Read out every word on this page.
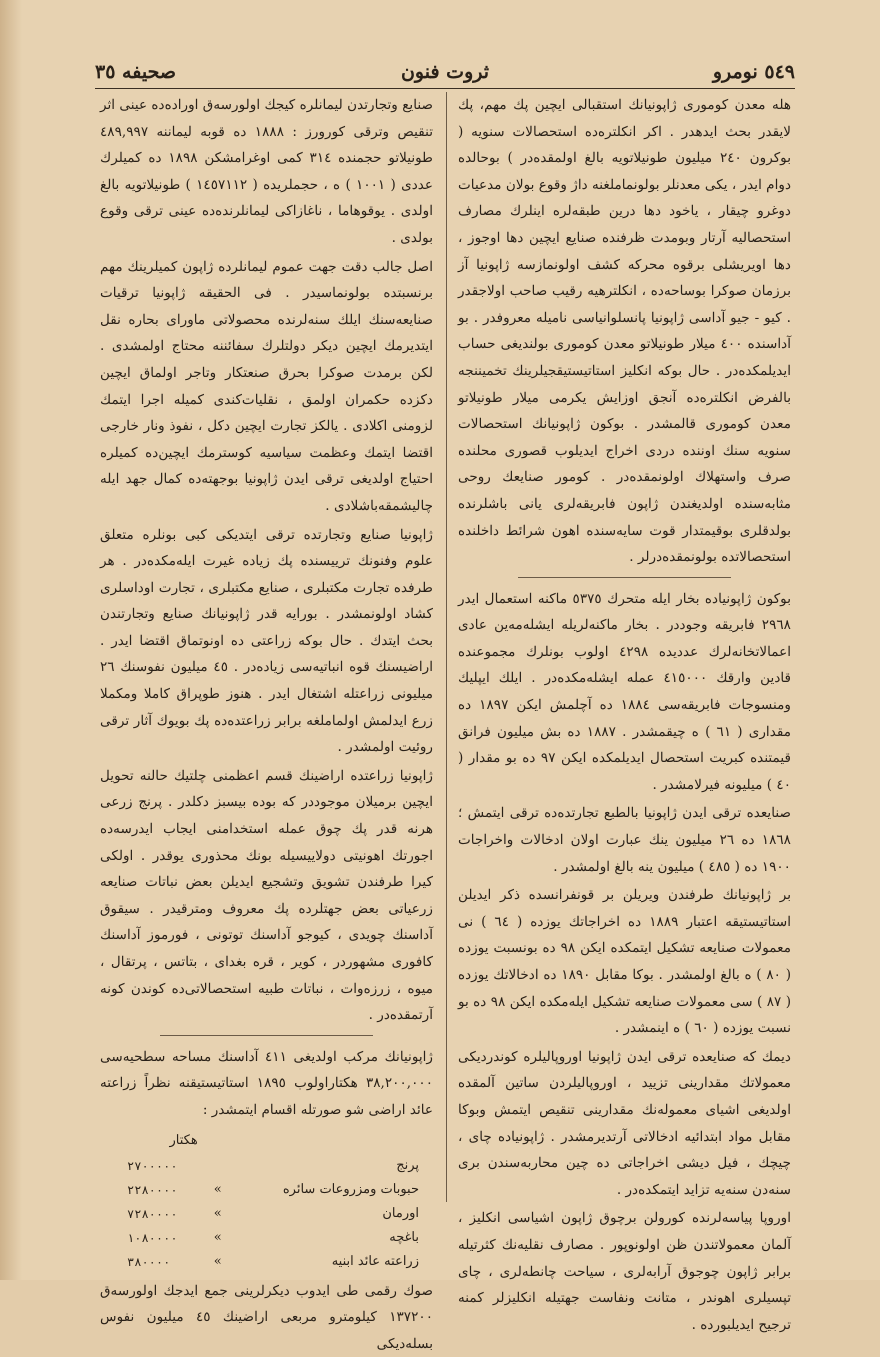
٥٤٩ نومرو
ثروت فنون
صحيفه ٣٥

هله معدن كومورى ژاپونيانك استقبالى ايچين پك مهم، پك لايقدر بحث ايدهدر . اكر انكلتره‌ده استحصالات سنويه ( بوكرون ٢٤٠ ميليون طونيلاتويه بالغ اولمقده‌در ) بوحالده دوام ايدر ، يكى معدنلر بولونماملغنه داژ وقوع بولان مدعيات دوغرو چيقار ، ياخود دها درين طبقه‌لره اينلرك مصارف استحصاليه آرتار وبومدت ظرفنده صنايع ايچين دها اوجوز ، دها اويريشلى برقوه محركه كشف اولونمازسه ژاپونيا آز برزمان صوكرا بوساحه‌ده ، انكلترهيه رقيب صاحب اولاجقدر . كيو - جيو آداسى ژاپونيا پانسلوانياسى ناميله معروفدر . بو آداسنده ٤٠٠ ميلار طونيلاتو معدن كومورى بولنديغى حساب ايديلمكده‌در . حال بوكه انكليز استاتيستيقجيلرينك تخميننجه بالفرض انكلتره‌ده آنجق اوزايش يكرمى ميلار طونيلاتو معدن كومورى قالمشدر . بوكون ژاپونيانك استحصالات سنويه سنك اوننده دردى اخراج ايديلوب قصورى محلنده صرف واستهلاك اولونمقده‌در . كومور صنايعك روحى مثابه‌سنده اولديغندن ژاپون فابريقه‌لرى يانى باشلرنده بولدقلرى بوقيمتدار قوت سايه‌سنده اهون شرائط داخلنده استحصالاتده بولونمقده‌درلر .

بوكون ژاپونياده بخار ايله متحرك ٥٣٧٥ ماكنه استعمال ايدر ٢٩٦٨ فابريقه وجوددر . بخار ماكنه‌لريله ايشله‌مه‌ين عادى اعمالاتخانه‌لرك عدديده ٤٢٩٨ اولوب بونلرك مجموعنده قادين وارقك ٤١٥٠٠٠ عمله ايشله‌مكده‌در . ايلك ايپليك ومنسوجات فابريقه‌سى ١٨٨٤ ده آچلمش ايكن ١٨٩٧ ده مقدارى ( ٦١ ) ه چيقمشدر . ١٨٨٧ ده بش ميليون فرانق قيمتنده كبريت استحصال ايديلمكده ايكن ٩٧ ده بو مقدار ( ٤٠ ) ميليونه فيرلامشدر .

صنايعده ترقى ايدن ژاپونيا بالطبع تجارتده‌ده ترقى ايتمش ؛ ١٨٦٨ ده ٢٦ ميليون ينك عبارت اولان ادخالات واخراجات ١٩٠٠ ده ( ٤٨٥ ) ميليون ينه بالغ اولمشدر .

بر ژاپونيانك طرفندن ويريلن بر قونفرانسده ذكر ايديلن استاتيستيقه اعتبار ١٨٨٩ ده اخراجاتك يوزده ( ٦٤ ) نى معمولات صنايعه تشكيل ايتمكده ايكن ٩٨ ده بونسبت يوزده ( ٨٠ ) ه بالغ اولمشدر . بوكا مقابل ١٨٩٠ ده ادخالاتك يوزده ( ٨٧ ) سى معمولات صنايعه تشكيل ايله‌مكده ايكن ٩٨ ده بو نسبت يوزده ( ٦٠ ) ه اينمشدر .

ديمك كه صنايعده ترقى ايدن ژاپونيا اوروپاليلره كوندرديكى معمولاتك مقدارينى تزييد ، اوروپاليلردن ساتين آلمقده اولديغى اشياى معموله‌نك مقدارينى تنقيص ايتمش وبوكا مقابل مواد ابتدائيه ادخالاتى آرتديرمشدر . ژاپونياده چاى ، چيچك ، فيل ديشى اخراجاتى ده چين محاربه‌سندن برى سنه‌دن سنه‌يه تزايد ايتمكده‌در .

اوروپا پياسه‌لرنده كورولن برچوق ژاپون اشياسى انكليز ، آلمان معمولاتندن ظن اولونوپور . مصارف نقليه‌نك كثرتيله برابر ژاپون چوجوق آرابه‌لرى ، سياحت چانطه‌لرى ، چاى تپسيلرى اهوندر ، متانت ونفاست جهتيله انكليزلر كمنه ترجيح ايديلبورده .

صنايع وتجارتدن ليمانلره كيجك اولورسه‌ق اوراده‌ده عينى اثر تنقيص وترقى كورورز : ١٨٨٨ ده قوبه ليماننه ٤٨٩,٩٩٧ طونيلاتو حجمنده ٣١٤ كمى اوغرامشكن ١٨٩٨ ده كميلرك عددى ( ١٠٠١ ) ه ، حجملريده ( ١٤٥٧١١٢ ) طونيلاتويه بالغ اولدى . يوقوهاما ، ناغازاكى ليمانلرنده‌ده عينى ترقى وقوع بولدى .

اصل جالب دقت جهت عموم ليمانلرده ژاپون كميلرينك مهم برنسبتده بولونماسيدر . فى الحقيقه ژاپونيا ترقيات صنايعه‌سنك ايلك سنه‌لرنده محصولاتى ماوراى بحاره نقل ايتديرمك ايچين ديكر دولتلرك سفائننه محتاج اولمشدى . لكن برمدت صوكرا بحرق صنعتكار وتاجر اولماق ايچين دكزده حكمران اولمق ، نقليات‌كندى كميله اجرا ايتمك لزومنى اكلادى . يالكز تجارت ايچين دكل ، نفوذ ونار خارجى اقتضا ايتمك وعظمت سياسيه كوسترمك ايچين‌ده كميلره احتياج اولديغى ترقى ايدن ژاپونيا بوجهته‌ده كمال جهد ايله چاليشمقه‌باشلادى .

ژاپونيا صنايع وتجارتده ترقى ايتديكى كبى بونلره متعلق علوم وفنونك ترييسنده پك زياده غيرت ايله‌مكده‌در . هر طرفده تجارت مكتبلرى ، صنايع مكتبلرى ، تجارت اوداسلرى كشاد اولونمشدر . بورايه قدر ژاپونيانك صنايع وتجارتندن بحث ايتدك . حال بوكه زراعتى ده اونوتماق اقتضا ايدر . اراضيسنك قوه انباتيه‌سى زياده‌در . ٤٥ ميليون نفوسنك ٢٦ ميليونى زراعتله اشتغال ايدر . هنوز طوپراق كاملا ومكملا زرع ايدلمش اولماملغه برابر زراعتده‌ده پك بويوك آثار ترقى روئيت اولمشدر .

ژاپونيا زراعتده اراضينك قسم اعظمنى چلتيك حالنه تحويل ايچين برميلان موجوددر كه بوده بيسبز دكلدر . پرنج زرعى هرنه قدر پك چوق عمله استخدامنى ايجاب ايدرسه‌ده اجورتك اهونيتى دولاييسيله بونك محذورى يوقدر . اولكى كيرا طرفندن تشويق وتشجيع ايديلن بعض نباتات صنايعه زرعياتى بعض جهتلرده پك معروف ومترقيدر . سيقوق آداسنك چويدى ، كيوجو آداسنك توتونى ، فورموز آداسنك كافورى مشهوردر ، كوير ، قره بغداى ، بتاتس ، پرتقال ، ميوه ، زرزه‌وات ، نباتات طبيه استحصالاتى‌ده كوندن كونه آرتمقده‌در .

ژاپونيانك مركب اولديغى ٤١١ آداسنك مساحه سطحيه‌سى ٣٨,٢٠٠,٠٠٠ هكتاراولوب ١٨٩٥ استاتيستيقنه نظراً زراعته عائد اراضى شو صورتله اقسام ايتمشدر :

		هكتار
پرنج		٢٧٠٠٠٠٠
حبوبات ومزروعات سائره	»	٢٢٨٠٠٠٠
اورمان	»	٧٢٨٠٠٠٠
باغچه	»	١٠٨٠٠٠٠
زراعته عائد ابنيه	»	٣٨٠٠٠٠

صوك رقمى طى ايدوب ديكرلرينى جمع ايدجك اولورسه‌ق ١٣٧٢٠٠ كيلومترو مربعى اراضينك ٤٥ ميليون نفوس بسله‌ديكى
